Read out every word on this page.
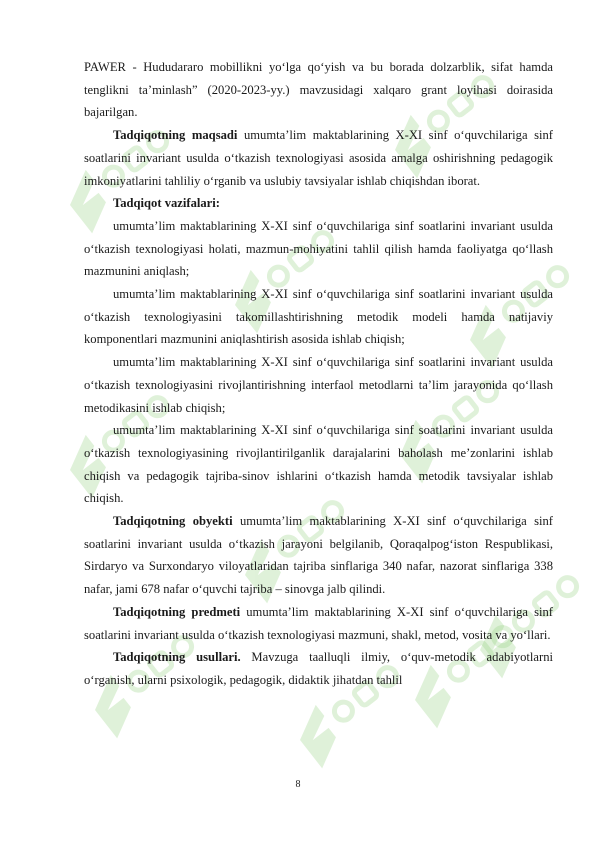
PAWER - Hududararo mobillikni yo‘lga qo‘yish va bu borada dolzarblik, sifat hamda tenglikni ta’minlash” (2020-2023-yy.) mavzusidagi xalqaro grant loyihasi doirasida bajarilgan.

Tadqiqotning maqsadi umumta’lim maktablarining X-XI sinf o‘quvchilariga sinf soatlarini invariant usulda o‘tkazish texnologiyasi asosida amalga oshirishning pedagogik imkoniyatlarini tahliliy o‘rganib va uslubiy tavsiyalar ishlab chiqishdan iborat.

Tadqiqot vazifalari:

umumta’lim maktablarining X-XI sinf o‘quvchilariga sinf soatlarini invariant usulda o‘tkazish texnologiyasi holati, mazmun-mohiyatini tahlil qilish hamda faoliyatga qo‘llash mazmunini aniqlash;

umumta’lim maktablarining X-XI sinf o‘quvchilariga sinf soatlarini invariant usulda o‘tkazish texnologiyasini takomillashtirishning metodik modeli hamda natijaviy komponentlari mazmunini aniqlashtirish asosida ishlab chiqish;

umumta’lim maktablarining X-XI sinf o‘quvchilariga sinf soatlarini invariant usulda o‘tkazish texnologiyasini rivojlantirishning interfaol metodlarni ta’lim jarayonida qo‘llash metodikasini ishlab chiqish;

umumta’lim maktablarining X-XI sinf o‘quvchilariga sinf soatlarini invariant usulda o‘tkazish texnologiyasining rivojlantirilganlik darajalarini baholash me’zonlarini ishlab chiqish va pedagogik tajriba-sinov ishlarini o‘tkazish hamda metodik tavsiyalar ishlab chiqish.

Tadqiqotning obyekti umumta’lim maktablarining X-XI sinf o‘quvchilariga sinf soatlarini invariant usulda o‘tkazish jarayoni belgilanib, Qoraqalpog‘iston Respublikasi, Sirdaryo va Surxondaryo viloyatlaridan tajriba sinflariga 340 nafar, nazorat sinflariga 338 nafar, jami 678 nafar o‘quvchi tajriba – sinovga jalb qilindi.

Tadqiqotning predmeti umumta’lim maktablarining X-XI sinf o‘quvchilariga sinf soatlarini invariant usulda o‘tkazish texnologiyasi mazmuni, shakl, metod, vosita va yo‘llari.

Tadqiqotning usullari. Mavzuga taalluqli ilmiy, o‘quv-metodik adabiyotlarni o‘rganish, ularni psixologik, pedagogik, didaktik jihatdan tahlil

8
